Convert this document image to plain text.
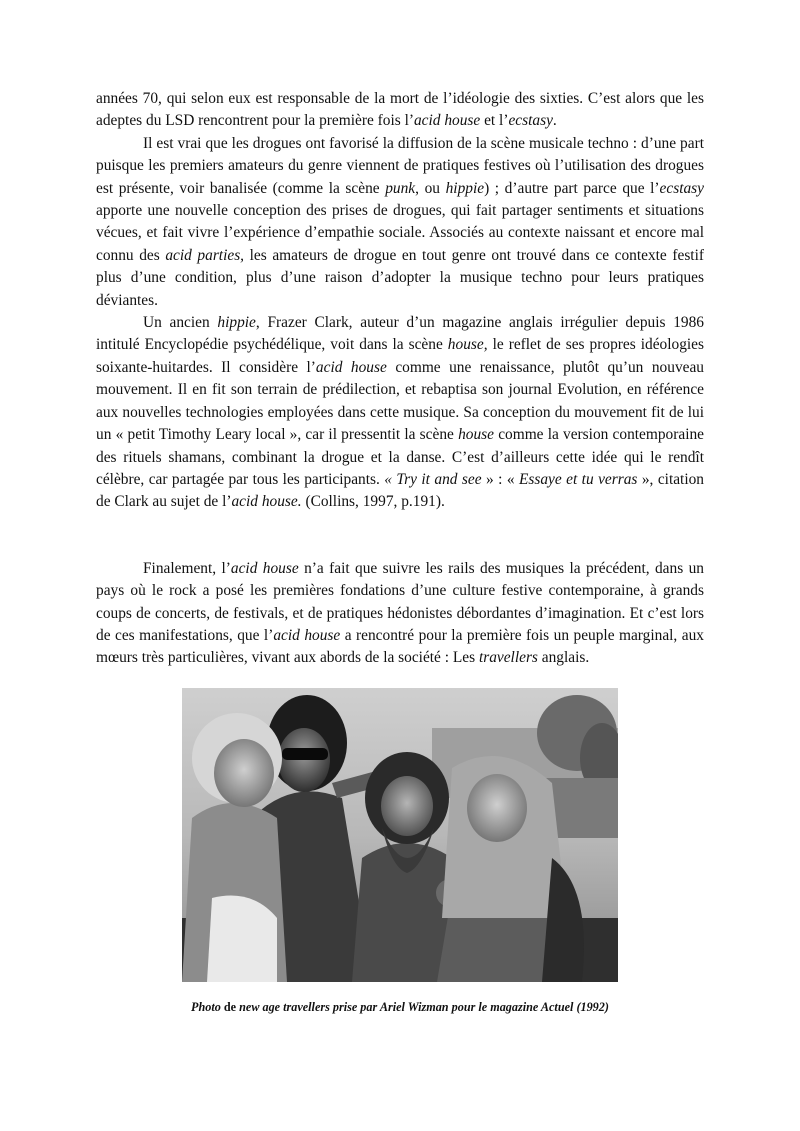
années 70, qui selon eux est responsable de la mort de l’idéologie des sixties. C’est alors que les adeptes du LSD rencontrent pour la première fois l’acid house et l’ecstasy.

Il est vrai que les drogues ont favorisé la diffusion de la scène musicale techno : d’une part puisque les premiers amateurs du genre viennent de pratiques festives où l’utilisation des drogues est présente, voir banalisée (comme la scène punk, ou hippie) ; d’autre part parce que l’ecstasy apporte une nouvelle conception des prises de drogues, qui fait partager sentiments et situations vécues, et fait vivre l’expérience d’empathie sociale. Associés au contexte naissant et encore mal connu des acid parties, les amateurs de drogue en tout genre ont trouvé dans ce contexte festif plus d’une condition, plus d’une raison d’adopter la musique techno pour leurs pratiques déviantes.

Un ancien hippie, Frazer Clark, auteur d’un magazine anglais irrégulier depuis 1986 intitulé Encyclopédie psychédélique, voit dans la scène house, le reflet de ses propres idéologies soixante-huitardes. Il considère l’acid house comme une renaissance, plutôt qu’un nouveau mouvement. Il en fit son terrain de prédilection, et rebaptisa son journal Evolution, en référence aux nouvelles technologies employées dans cette musique. Sa conception du mouvement fit de lui un « petit Timothy Leary local », car il pressentit la scène house comme la version contemporaine des rituels shamans, combinant la drogue et la danse. C’est d’ailleurs cette idée qui le rendît célèbre, car partagée par tous les participants. « Try it and see » : « Essaye et tu verras », citation de Clark au sujet de l’acid house. (Collins, 1997, p.191).

Finalement, l’acid house n’a fait que suivre les rails des musiques la précédent, dans un pays où le rock a posé les premières fondations d’une culture festive contemporaine, à grands coups de concerts, de festivals, et de pratiques hédonistes débordantes d’imagination. Et c’est lors de ces manifestations, que l’acid house a rencontré pour la première fois un peuple marginal, aux mœurs très particulières, vivant aux abords de la société : Les travellers anglais.

Photo de new age travellers prise par Ariel Wizman pour le magazine Actuel (1992)
